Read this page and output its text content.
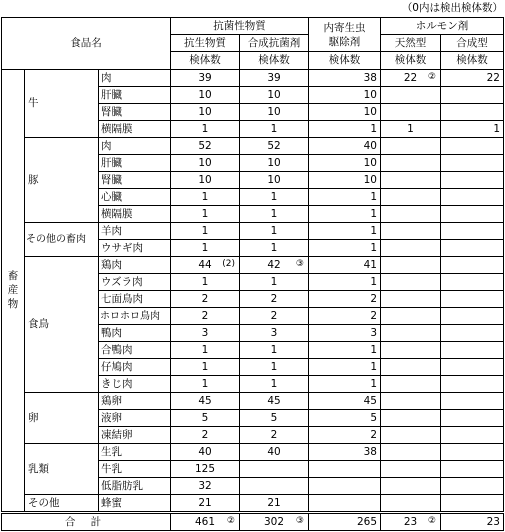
（0内は検出検体数）
食品名			抗菌性物質		内寄生虫
駆除剤	ホルモン剤	
			抗生物質	合成抗菌剤		天然型	合成型
			検体数	検体数	検体数	検体数	検体数
畜産物	牛	肉	39	39	38	22 ②	22
		肝臓	10	10	10		
		腎臓	10	10	10		
		横隔膜	1	1	1	1	1
	豚	肉	52	52	40		
		肝臓	10	10	10		
		腎臓	10	10	10		
		心臓	1	1	1		
		横隔膜	1	1	1		
	その他の畜肉	羊肉	1	1	1		
		ウサギ肉	1	1	1		
	食鳥	鶏肉	44 (2)	42 ③	41		
		ウズラ肉	1	1	1		
		七面鳥肉	2	2	2		
		ホロホロ鳥肉	2	2	2		
		鴨肉	3	3	3		
		合鴨肉	1	1	1		
		仔鳩肉	1	1	1		
		きじ肉	1	1	1		
	卵	鶏卵	45	45	45		
		液卵	5	5	5		
		凍結卵	2	2	2		
	乳類	生乳	40	40	38		
		牛乳	125				
		低脂肪乳	32				
	その他	蜂蜜	21	21			
合 計			461 ②	302 ③	265	23 ②	23
